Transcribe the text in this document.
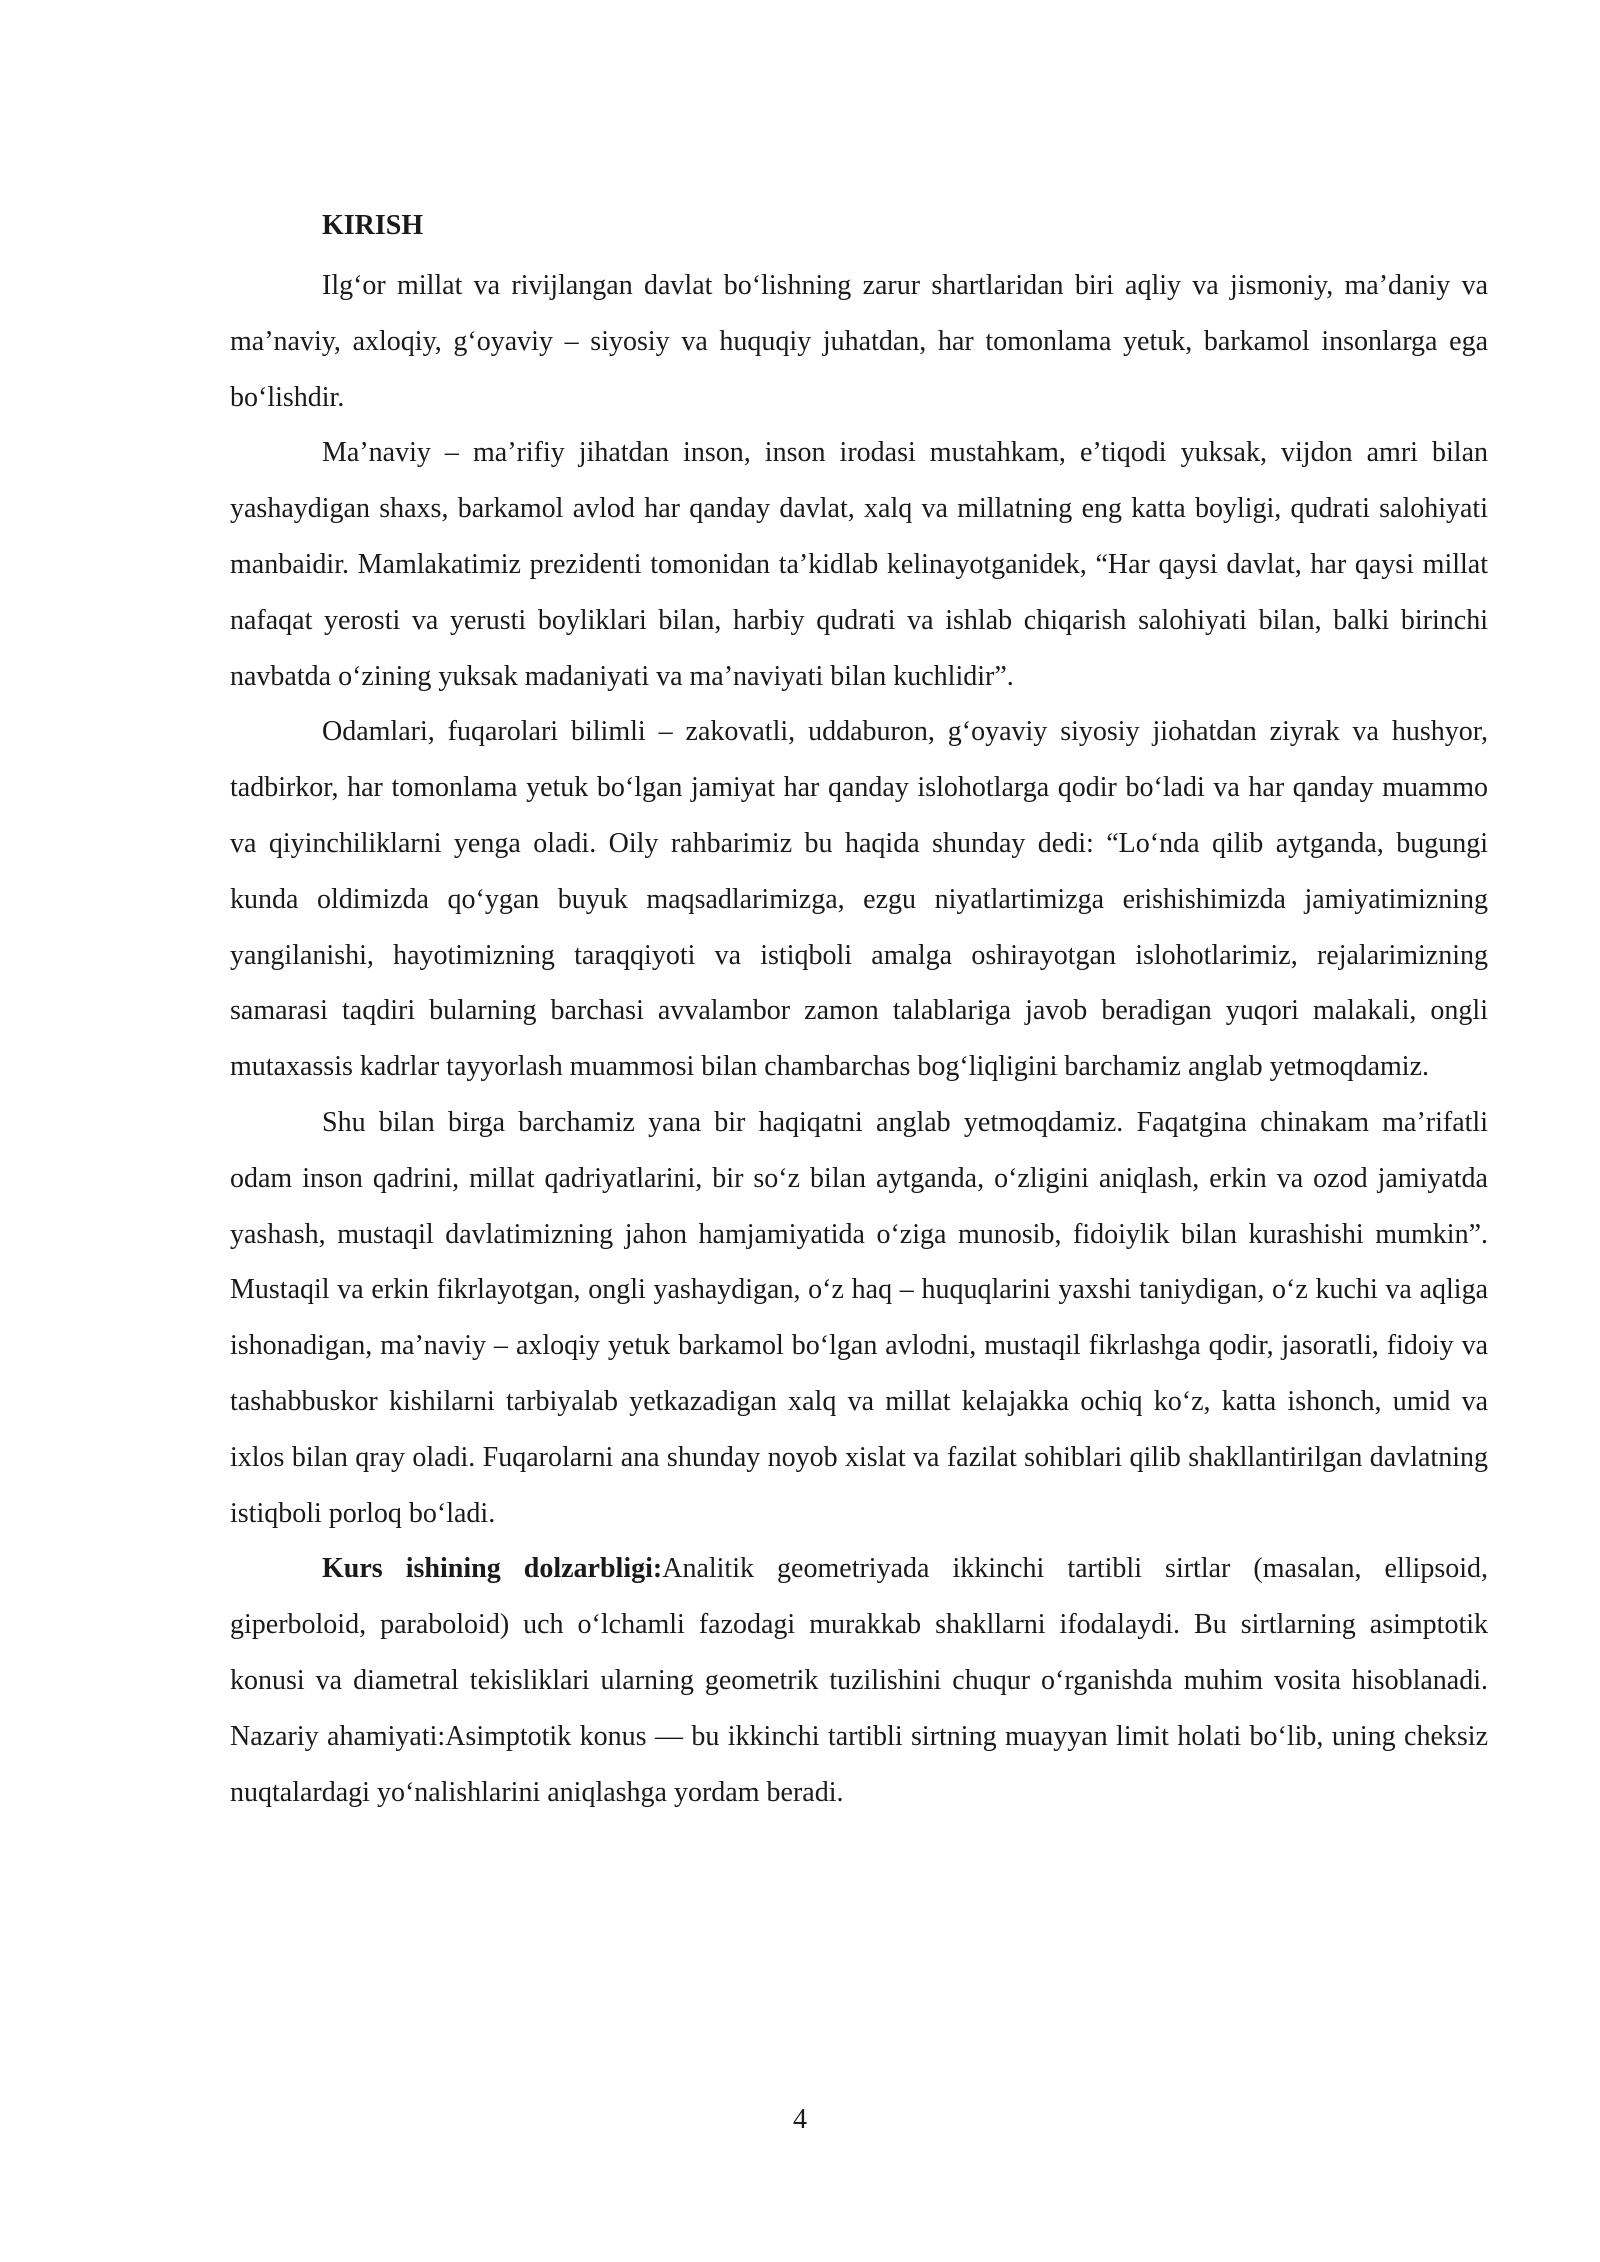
KIRISH

Ilg‘or millat va rivijlangan davlat bo‘lishning zarur shartlaridan biri aqliy va jismoniy, ma’daniy va ma’naviy, axloqiy, g‘oyaviy – siyosiy va huquqiy juhatdan, har tomonlama yetuk, barkamol insonlarga ega bo‘lishdir.

Ma’naviy – ma’rifiy jihatdan inson, inson irodasi mustahkam, e’tiqodi yuksak, vijdon amri bilan yashaydigan shaxs, barkamol avlod har qanday davlat, xalq va millatning eng katta boyligi, qudrati salohiyati manbaidir. Mamlakatimiz prezidenti tomonidan ta’kidlab kelinayotganidek, “Har qaysi davlat, har qaysi millat nafaqat yerosti va yerusti boyliklari bilan, harbiy qudrati va ishlab chiqarish salohiyati bilan, balki birinchi navbatda o‘zining yuksak madaniyati va ma’naviyati bilan kuchlidir”.

Odamlari, fuqarolari bilimli – zakovatli, uddaburon, g‘oyaviy siyosiy jiohatdan ziyrak va hushyor, tadbirkor, har tomonlama yetuk bo‘lgan jamiyat har qanday islohotlarga qodir bo‘ladi va har qanday muammo va qiyinchiliklarni yenga oladi. Oily rahbarimiz bu haqida shunday dedi: “Lo‘nda qilib aytganda, bugungi kunda oldimizda qo‘ygan buyuk maqsadlarimizga, ezgu niyatlartimizga erishishimizda jamiyatimizning yangilanishi, hayotimizning taraqqiyoti va istiqboli amalga oshirayotgan islohotlarimiz, rejalarimizning samarasi taqdiri bularning barchasi avvalambor zamon talablariga javob beradigan yuqori malakali, ongli mutaxassis kadrlar tayyorlash muammosi bilan chambarchas bog‘liqligini barchamiz anglab yetmoqdamiz.

Shu bilan birga barchamiz yana bir haqiqatni anglab yetmoqdamiz. Faqatgina chinakam ma’rifatli odam inson qadrini, millat qadriyatlarini, bir so‘z bilan aytganda, o‘zligini aniqlash, erkin va ozod jamiyatda yashash, mustaqil davlatimizning jahon hamjamiyatida o‘ziga munosib, fidoiylik bilan kurashishi mumkin”. Mustaqil va erkin fikrlayotgan, ongli yashaydigan, o‘z haq – huquqlarini yaxshi taniydigan, o‘z kuchi va aqliga ishonadigan, ma’naviy – axloqiy yetuk barkamol bo‘lgan avlodni, mustaqil fikrlashga qodir, jasoratli, fidoiy va tashabbuskor kishilarni tarbiyalab yetkazadigan xalq va millat kelajakka ochiq ko‘z, katta ishonch, umid va ixlos bilan qray oladi. Fuqarolarni ana shunday noyob xislat va fazilat sohiblari qilib shakllantirilgan davlatning istiqboli porloq bo‘ladi.

Kurs ishining dolzarbligi:Analitik geometriyada ikkinchi tartibli sirtlar (masalan, ellipsoid, giperboloid, paraboloid) uch o‘lchamli fazodagi murakkab shakllarni ifodalaydi. Bu sirtlarning asimptotik konusi va diametral tekisliklari ularning geometrik tuzilishini chuqur o‘rganishda muhim vosita hisoblanadi. Nazariy ahamiyati:Asimptotik konus — bu ikkinchi tartibli sirtning muayyan limit holati bo‘lib, uning cheksiz nuqtalardagi yo‘nalishlarini aniqlashga yordam beradi.

4
